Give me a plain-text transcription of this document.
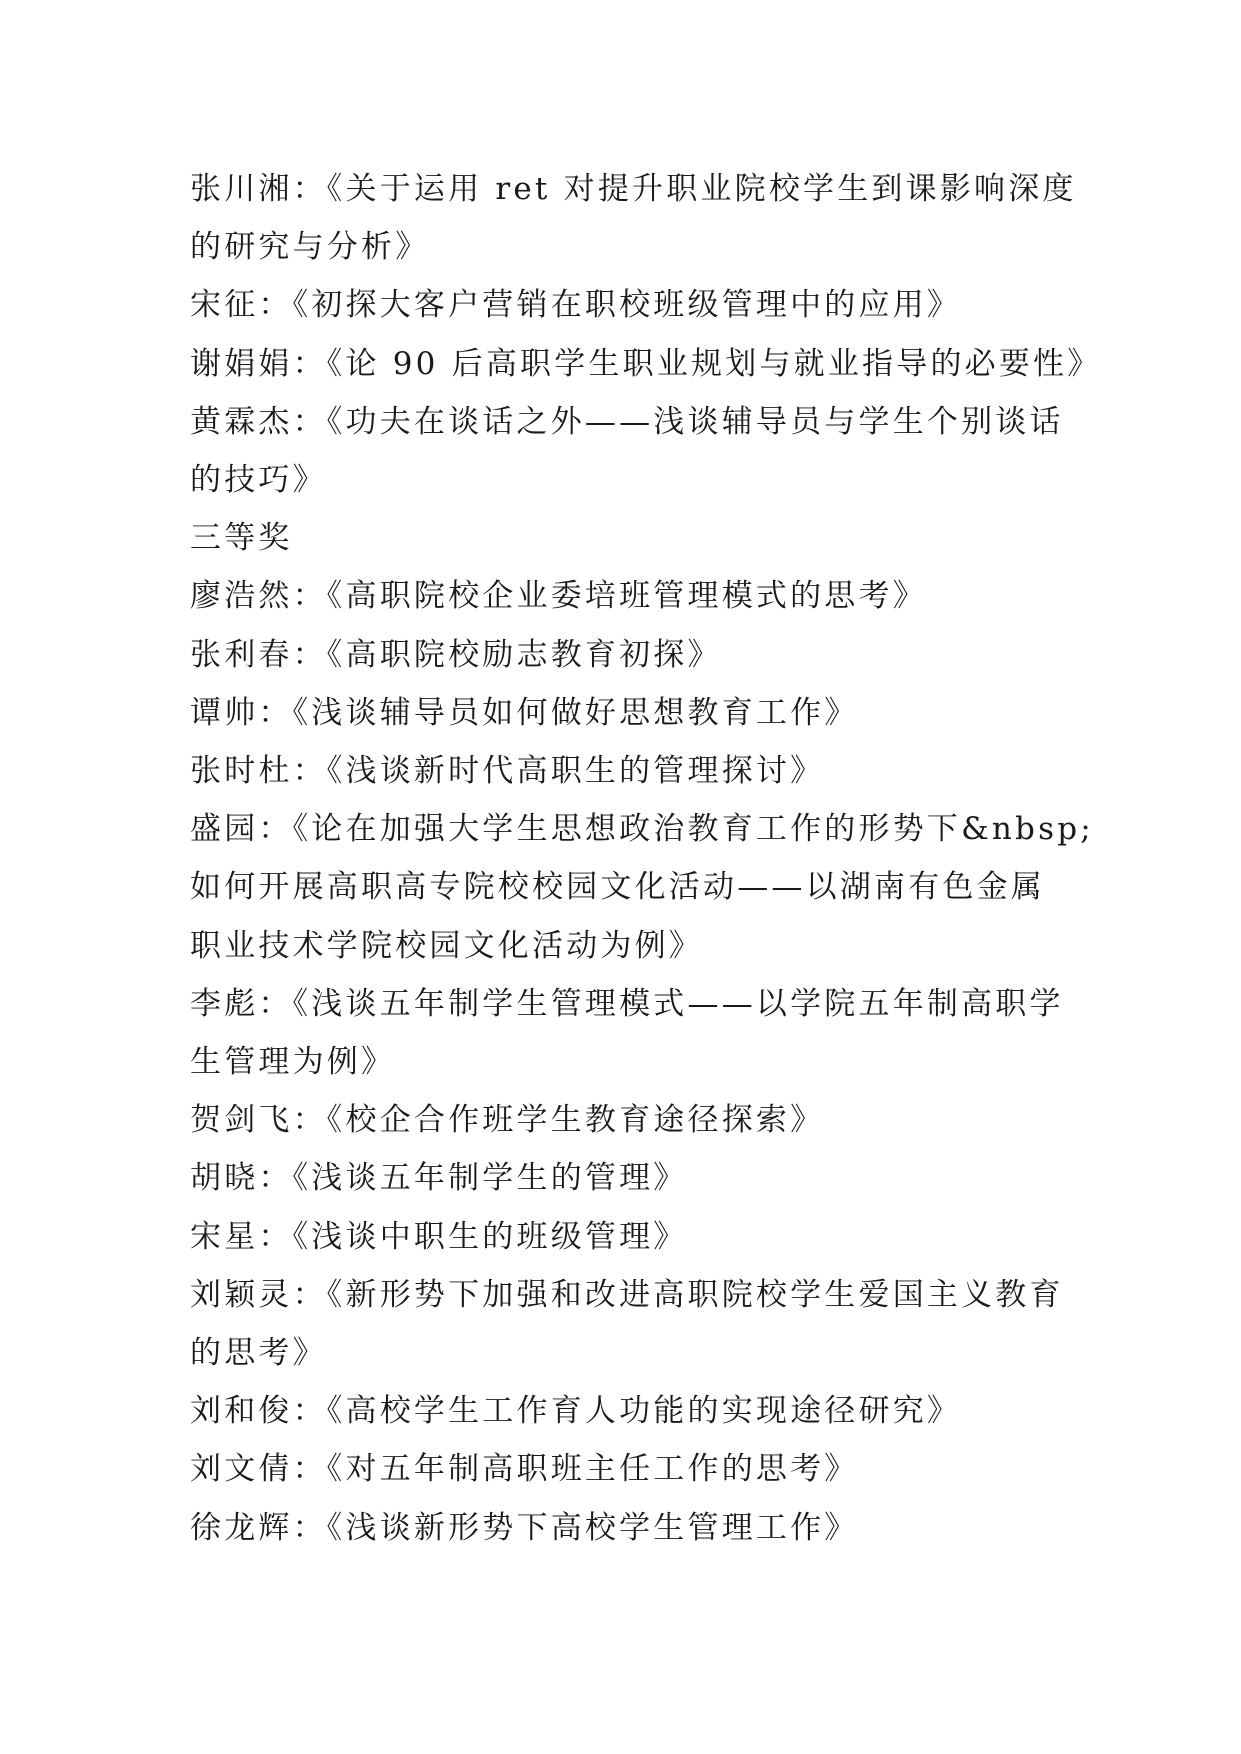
张川湘：《关于运用 ret 对提升职业院校学生到课影响深度
的研究与分析》
宋征：《初探大客户营销在职校班级管理中的应用》
谢娟娟：《论 90 后高职学生职业规划与就业指导的必要性》
黄霖杰：《功夫在谈话之外——浅谈辅导员与学生个别谈话
的技巧》
三等奖
廖浩然：《高职院校企业委培班管理模式的思考》
张利春：《高职院校励志教育初探》
谭帅：《浅谈辅导员如何做好思想教育工作》
张时杜：《浅谈新时代高职生的管理探讨》
盛园：《论在加强大学生思想政治教育工作的形势下&nbsp;
如何开展高职高专院校校园文化活动——以湖南有色金属
职业技术学院校园文化活动为例》
李彪：《浅谈五年制学生管理模式——以学院五年制高职学
生管理为例》
贺剑飞：《校企合作班学生教育途径探索》
胡晓：《浅谈五年制学生的管理》
宋星：《浅谈中职生的班级管理》
刘颖灵：《新形势下加强和改进高职院校学生爱国主义教育
的思考》
刘和俊：《高校学生工作育人功能的实现途径研究》
刘文倩：《对五年制高职班主任工作的思考》
徐龙辉：《浅谈新形势下高校学生管理工作》
